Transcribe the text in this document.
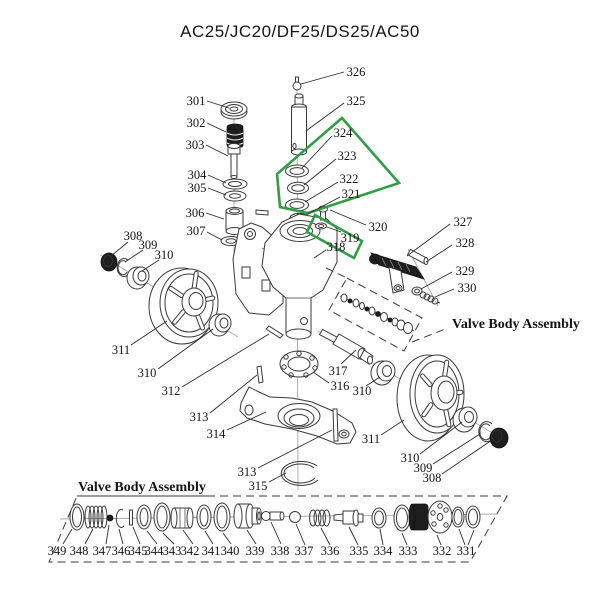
301
302
303
304
305
306
307
326
325
324
323
322
321
320
319
318
327
328
329
330
308
309
310
311
310
312
313
314
313
315
317
316 310
311
310
309
308
349 348 347 346
345
344 343 342 341 340 339 338 337 336 335 334 333 332 331
AC25/JC20/DF25/DS25/AC50
Valve Body Assembly
Valve Body Assembly
